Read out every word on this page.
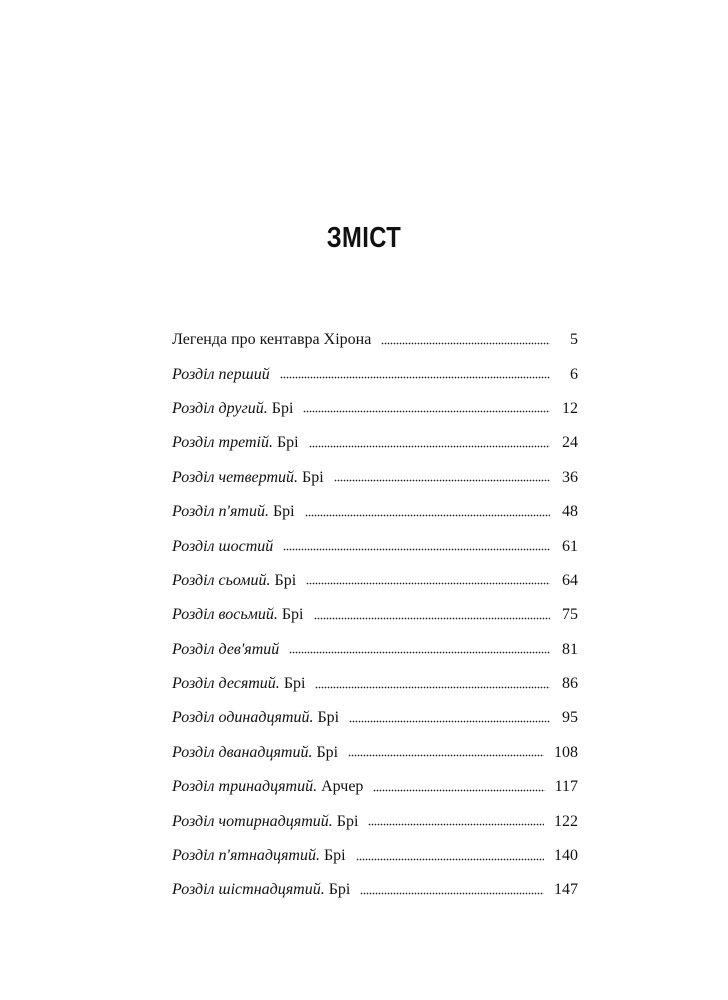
ЗМІСТ
Легенда про кентавра Хірона	5
Розділ перший	6
Розділ другий. Брі	12
Розділ третій. Брі	24
Розділ четвертий. Брі	36
Розділ п'ятий. Брі	48
Розділ шостий	61
Розділ сьомий. Брі	64
Розділ восьмий. Брі	75
Розділ дев'ятий	81
Розділ десятий. Брі	86
Розділ одинадцятий. Брі	95
Розділ дванадцятий. Брі	108
Розділ тринадцятий. Арчер	117
Розділ чотирнадцятий. Брі	122
Розділ п'ятнадцятий. Брі	140
Розділ шістнадцятий. Брі	147
